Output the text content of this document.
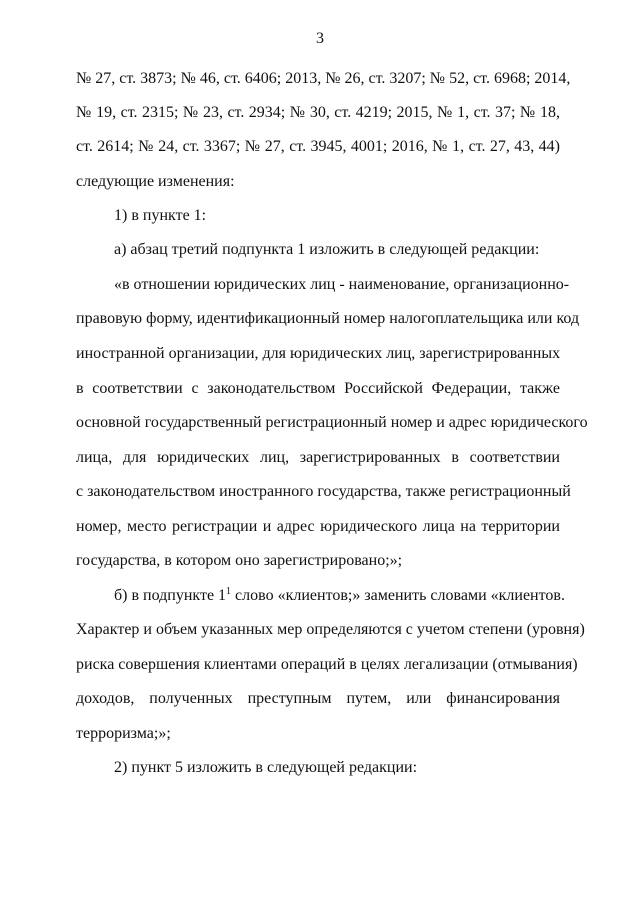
3
№ 27, ст. 3873; № 46, ст. 6406; 2013, № 26, ст. 3207; № 52, ст. 6968; 2014,
№ 19, ст. 2315; № 23, ст. 2934; № 30, ст. 4219; 2015, № 1, ст. 37; № 18,
ст. 2614; № 24, ст. 3367; № 27, ст. 3945, 4001; 2016, № 1, ст. 27, 43, 44)
следующие изменения:
1) в пункте 1:
а) абзац третий подпункта 1 изложить в следующей редакции:
«в отношении юридических лиц - наименование, организационно-
правовую форму, идентификационный номер налогоплательщика или код
иностранной организации, для юридических лиц, зарегистрированных
в соответствии с законодательством Российской Федерации, также
основной государственный регистрационный номер и адрес юридического
лица, для юридических лиц, зарегистрированных в соответствии
с законодательством иностранного государства, также регистрационный
номер, место регистрации и адрес юридического лица на территории
государства, в котором оно зарегистрировано;»;
б) в подпункте $1^1$ слово «клиентов;» заменить словами «клиентов.
Характер и объем указанных мер определяются с учетом степени (уровня)
риска совершения клиентами операций в целях легализации (отмывания)
доходов, полученных преступным путем, или финансирования
терроризма;»;
2) пункт 5 изложить в следующей редакции:
